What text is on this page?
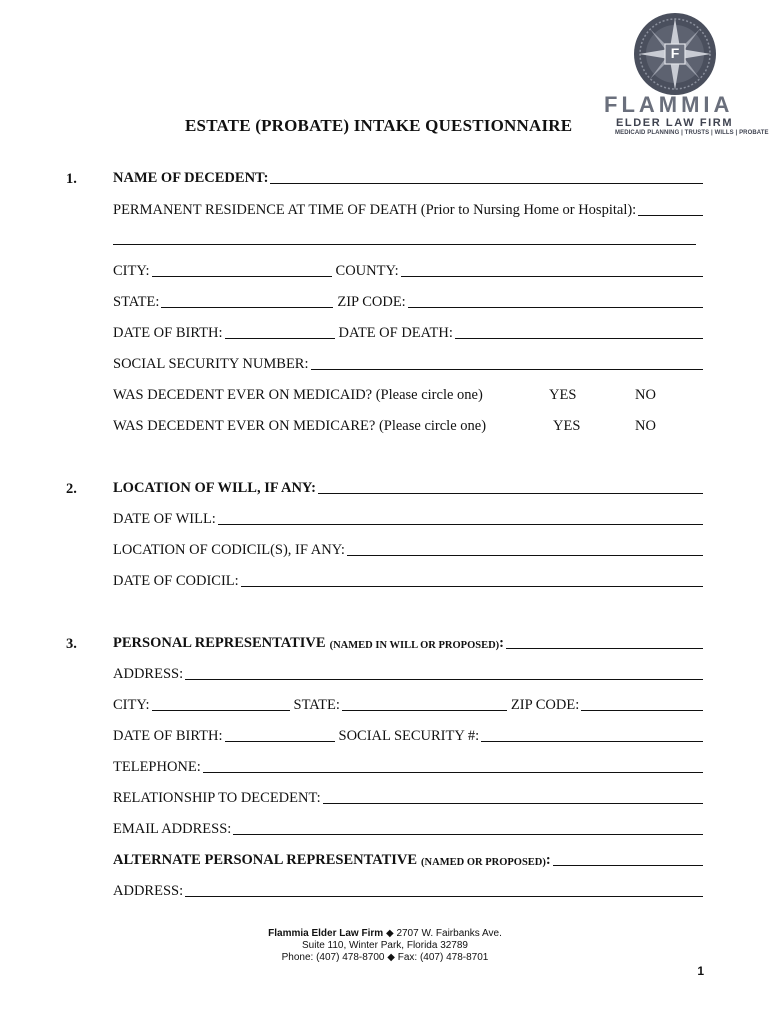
F
FLAMMIA
ELDER LAW FIRM
MEDICAID PLANNING | TRUSTS | WILLS | PROBATE
ESTATE (PROBATE) INTAKE QUESTIONNAIRE
1. NAME OF DECEDENT:
PERMANENT RESIDENCE AT TIME OF DEATH (Prior to Nursing Home or Hospital):
CITY:	COUNTY:
STATE:	ZIP CODE:
DATE OF BIRTH:	DATE OF DEATH:
SOCIAL SECURITY NUMBER:
WAS DECEDENT EVER ON MEDICAID? (Please circle one)	YES	NO
WAS DECEDENT EVER ON MEDICARE? (Please circle one)	YES	NO
2. LOCATION OF WILL, IF ANY:
DATE OF WILL:
LOCATION OF CODICIL(S), IF ANY:
DATE OF CODICIL:
3. PERSONAL REPRESENTATIVE (NAMED IN WILL OR PROPOSED) :
ADDRESS:
CITY:	STATE:	ZIP CODE:
DATE OF BIRTH:	SOCIAL SECURITY #:
TELEPHONE:
RELATIONSHIP TO DECEDENT:
EMAIL ADDRESS:
ALTERNATE PERSONAL REPRESENTATIVE (NAMED OR PROPOSED) :
ADDRESS:
Flammia Elder Law Firm ◆ 2707 W. Fairbanks Ave.
Suite 110, Winter Park, Florida 32789
Phone: (407) 478-8700 ◆ Fax: (407) 478-8701
1
